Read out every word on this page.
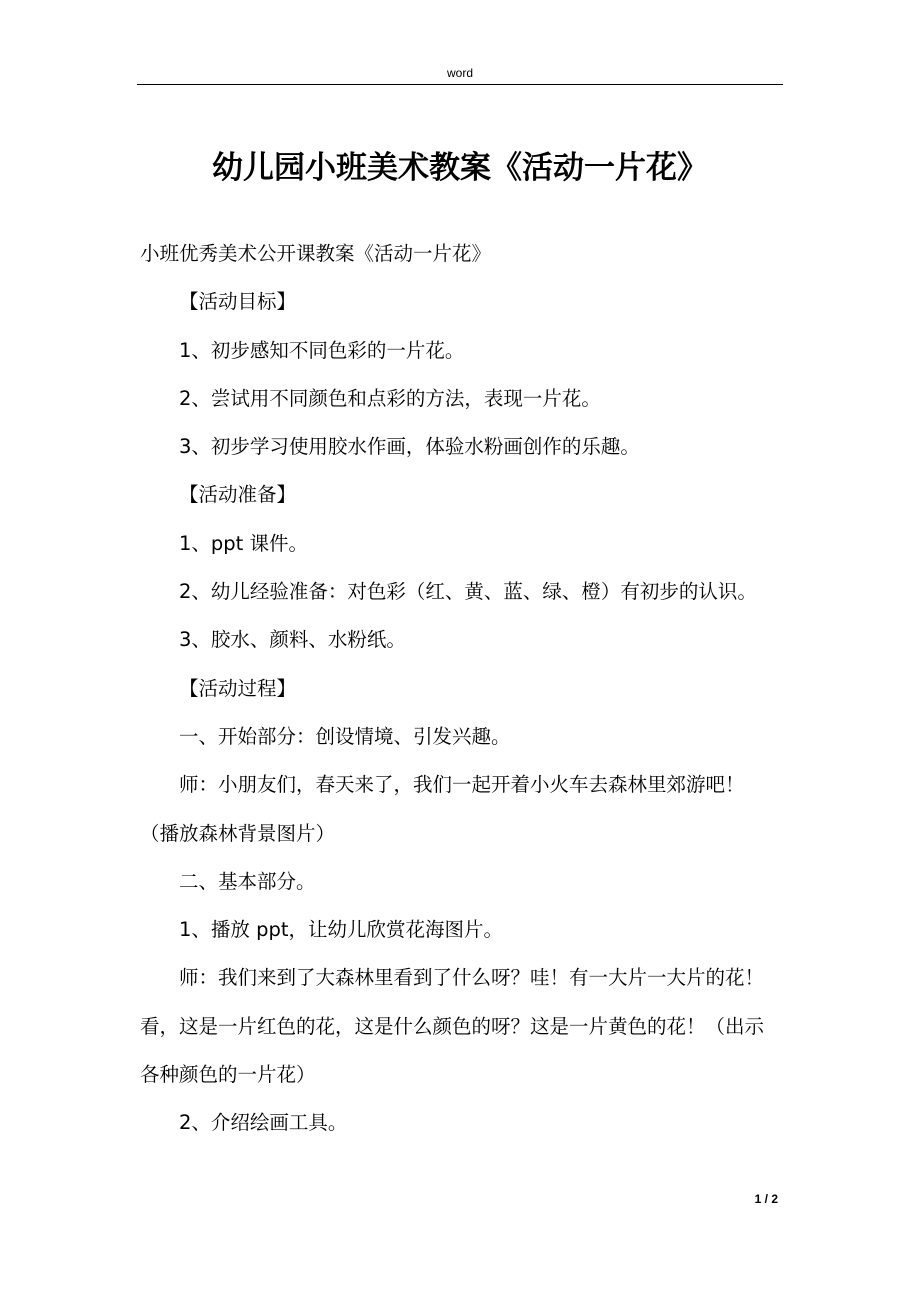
word
幼儿园小班美术教案《活动一片花》

小班优秀美术公开课教案《活动一片花》

【活动目标】

1、初步感知不同色彩的一片花。

2、尝试用不同颜色和点彩的方法，表现一片花。

3、初步学习使用胶水作画，体验水粉画创作的乐趣。

【活动准备】

1、ppt 课件。

2、幼儿经验准备：对色彩（红、黄、蓝、绿、橙）有初步的认识。

3、胶水、颜料、水粉纸。

【活动过程】

一、开始部分：创设情境、引发兴趣。

师：小朋友们，春天来了，我们一起开着小火车去森林里郊游吧！（播放森林背景图片）

二、基本部分。

1、播放 ppt，让幼儿欣赏花海图片。

师：我们来到了大森林里看到了什么呀？哇！有一大片一大片的花！看，这是一片红色的花，这是什么颜色的呀？这是一片黄色的花！（出示各种颜色的一片花）

2、介绍绘画工具。

1 / 2
